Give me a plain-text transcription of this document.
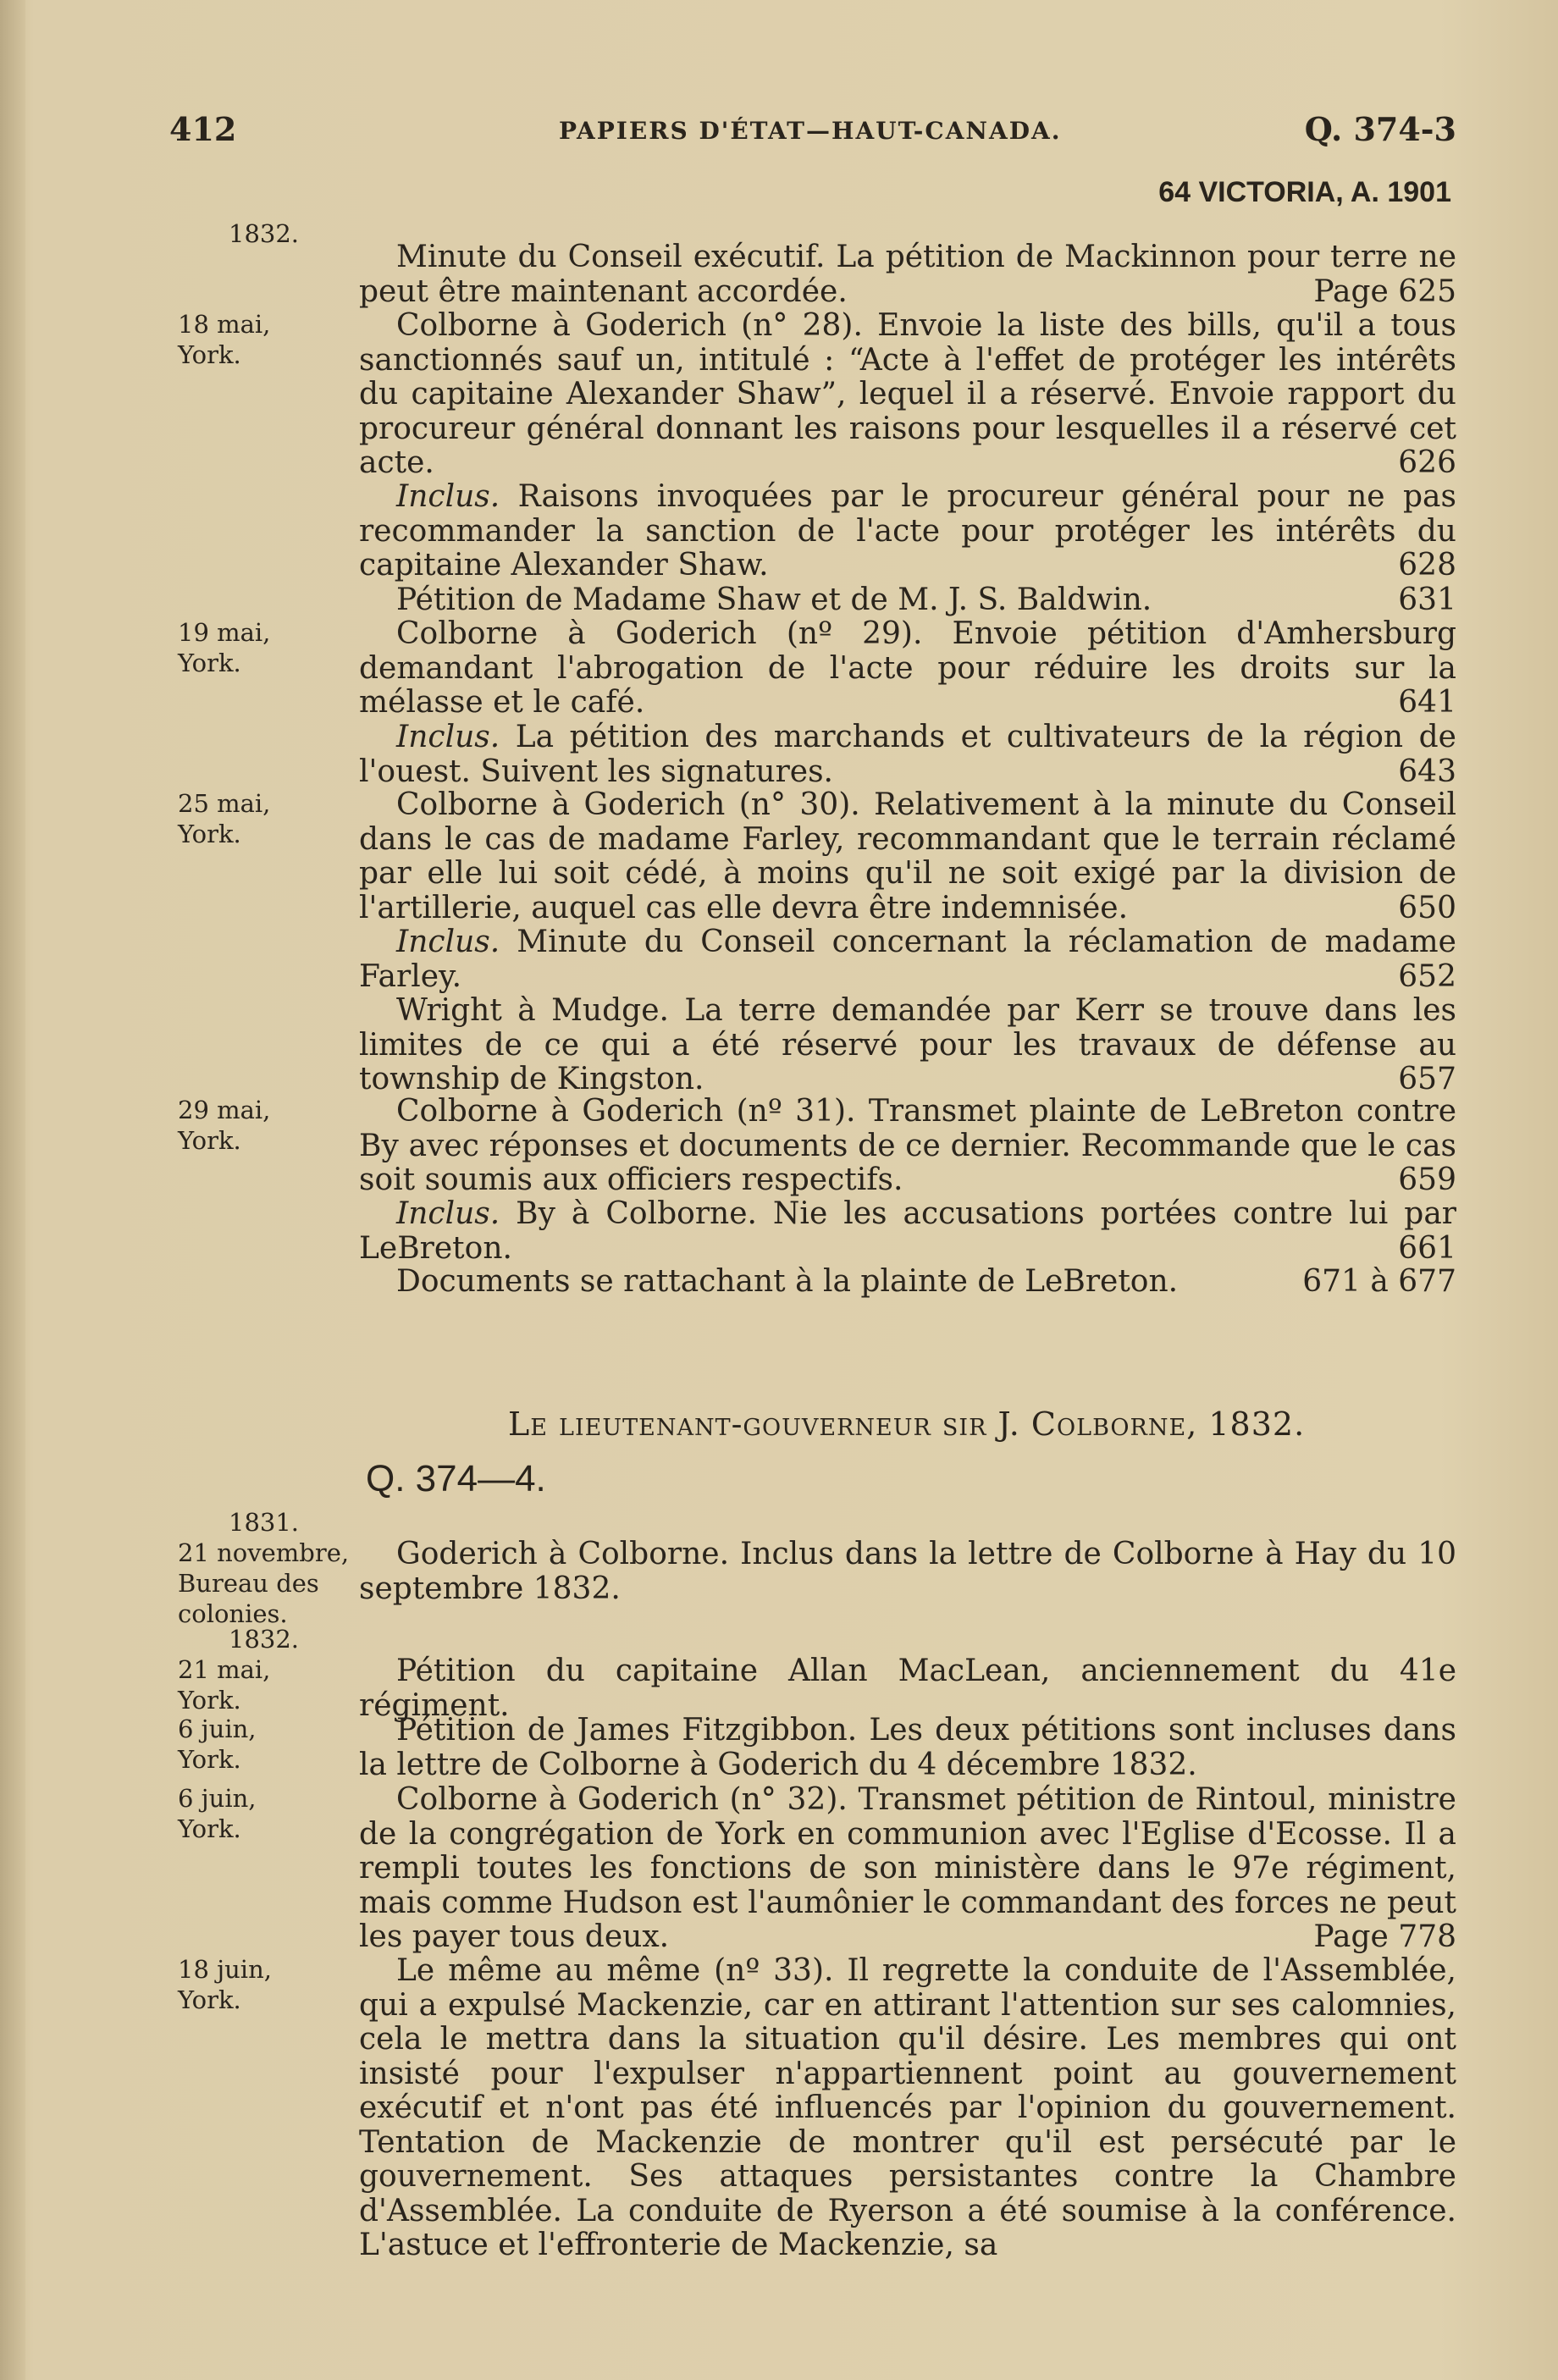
412	PAPIERS D'ÉTAT—HAUT-CANADA.	Q. 374-3
64 VICTORIA, A. 1901
1832.
Minute du Conseil exécutif. La pétition de Mackinnon pour terre ne peut être maintenant accordée.	Page 625
18 mai,
York.
Colborne à Goderich (n° 28). Envoie la liste des bills, qu'il a tous sanctionnés sauf un, intitulé : “Acte à l'effet de protéger les intérêts du capitaine Alexander Shaw”, lequel il a réservé. Envoie rapport du procureur général donnant les raisons pour lesquelles il a réservé cet acte.	626
Inclus. Raisons invoquées par le procureur général pour ne pas recommander la sanction de l'acte pour protéger les intérêts du capitaine Alexander Shaw.	628
Pétition de Madame Shaw et de M. J. S. Baldwin.	631
19 mai,
York.
Colborne à Goderich (nº 29). Envoie pétition d'Amhersburg demandant l'abrogation de l'acte pour réduire les droits sur la mélasse et le café.	641
Inclus. La pétition des marchands et cultivateurs de la région de l'ouest. Suivent les signatures.	643
25 mai,
York.
Colborne à Goderich (n° 30). Relativement à la minute du Conseil dans le cas de madame Farley, recommandant que le terrain réclamé par elle lui soit cédé, à moins qu'il ne soit exigé par la division de l'artillerie, auquel cas elle devra être indemnisée.	650
Inclus. Minute du Conseil concernant la réclamation de madame Farley.	652
Wright à Mudge. La terre demandée par Kerr se trouve dans les limites de ce qui a été réservé pour les travaux de défense au township de Kingston.	657
29 mai,
York.
Colborne à Goderich (nº 31). Transmet plainte de LeBreton contre By avec réponses et documents de ce dernier. Recommande que le cas soit soumis aux officiers respectifs.	659
Inclus. By à Colborne. Nie les accusations portées contre lui par LeBreton.	661
Documents se rattachant à la plainte de LeBreton.	671 à 677
Le lieutenant-gouverneur sir J. Colborne, 1832.
Q. 374—4.
1831.
21 novembre,
Bureau des colonies.
Goderich à Colborne. Inclus dans la lettre de Colborne à Hay du 10 septembre 1832.
1832.
21 mai,
York.
Pétition du capitaine Allan MacLean, anciennement du 41e régiment.
6 juin,
York.
Pétition de James Fitzgibbon. Les deux pétitions sont incluses dans la lettre de Colborne à Goderich du 4 décembre 1832.
6 juin,
York.
Colborne à Goderich (n° 32). Transmet pétition de Rintoul, ministre de la congrégation de York en communion avec l'Eglise d'Ecosse. Il a rempli toutes les fonctions de son ministère dans le 97e régiment, mais comme Hudson est l'aumônier le commandant des forces ne peut les payer tous deux.	Page 778
18 juin,
York.
Le même au même (nº 33). Il regrette la conduite de l'Assemblée, qui a expulsé Mackenzie, car en attirant l'attention sur ses calomnies, cela le mettra dans la situation qu'il désire. Les membres qui ont insisté pour l'expulser n'appartiennent point au gouvernement exécutif et n'ont pas été influencés par l'opinion du gouvernement. Tentation de Mackenzie de montrer qu'il est persécuté par le gouvernement. Ses attaques persistantes contre la Chambre d'Assemblée. La conduite de Ryerson a été soumise à la conférence. L'astuce et l'effronterie de Mackenzie, sa
